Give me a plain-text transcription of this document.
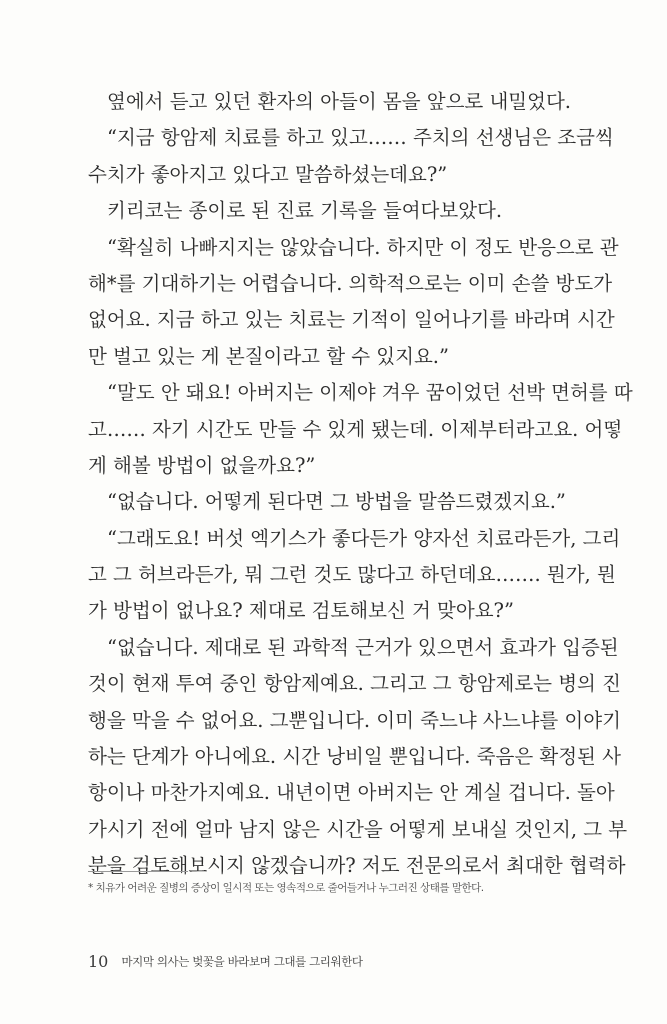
옆에서 듣고 있던 환자의 아들이 몸을 앞으로 내밀었다.
“지금 항암제 치료를 하고 있고…… 주치의 선생님은 조금씩
수치가 좋아지고 있다고 말씀하셨는데요?”
키리코는 종이로 된 진료 기록을 들여다보았다.
“확실히 나빠지지는 않았습니다. 하지만 이 정도 반응으로 관
해*를 기대하기는 어렵습니다. 의학적으로는 이미 손쓸 방도가
없어요. 지금 하고 있는 치료는 기적이 일어나기를 바라며 시간
만 벌고 있는 게 본질이라고 할 수 있지요.”
“말도 안 돼요! 아버지는 이제야 겨우 꿈이었던 선박 면허를 따
고…… 자기 시간도 만들 수 있게 됐는데. 이제부터라고요. 어떻
게 해볼 방법이 없을까요?”
“없습니다. 어떻게 된다면 그 방법을 말씀드렸겠지요.”
“그래도요! 버섯 엑기스가 좋다든가 양자선 치료라든가, 그리
고 그 허브라든가, 뭐 그런 것도 많다고 하던데요……. 뭔가, 뭔
가 방법이 없나요? 제대로 검토해보신 거 맞아요?”
“없습니다. 제대로 된 과학적 근거가 있으면서 효과가 입증된
것이 현재 투여 중인 항암제예요. 그리고 그 항암제로는 병의 진
행을 막을 수 없어요. 그뿐입니다. 이미 죽느냐 사느냐를 이야기
하는 단계가 아니에요. 시간 낭비일 뿐입니다. 죽음은 확정된 사
항이나 마찬가지예요. 내년이면 아버지는 안 계실 겁니다. 돌아
가시기 전에 얼마 남지 않은 시간을 어떻게 보내실 것인지, 그 부
분을 검토해보시지 않겠습니까? 저도 전문의로서 최대한 협력하
* 치유가 어려운 질병의 증상이 일시적 또는 영속적으로 줄어들거나 누그러진 상태를 말한다.
10 마지막 의사는 벚꽃을 바라보며 그대를 그리워한다
